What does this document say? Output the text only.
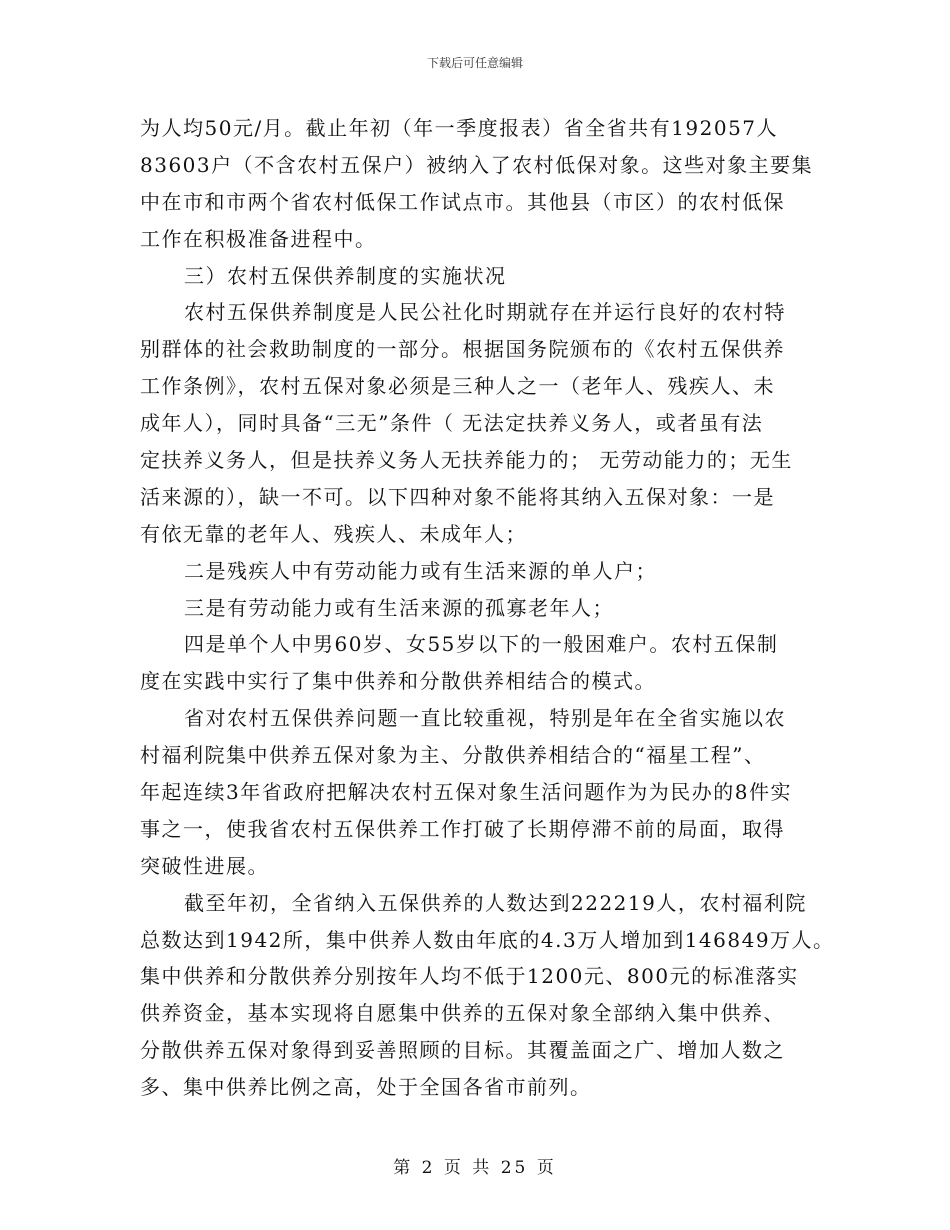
下载后可任意编辑
为人均50元/月。截止年初（年一季度报表）省全省共有192057人
83603户（不含农村五保户）被纳入了农村低保对象。这些对象主要集
中在市和市两个省农村低保工作试点市。其他县（市区）的农村低保
工作在积极准备进程中。
三）农村五保供养制度的实施状况
农村五保供养制度是人民公社化时期就存在并运行良好的农村特
别群体的社会救助制度的一部分。根据国务院颁布的《农村五保供养
工作条例》，农村五保对象必须是三种人之一（老年人、残疾人、未
成年人），同时具备“三无”条件（ 无法定扶养义务人，或者虽有法
定扶养义务人，但是扶养义务人无扶养能力的； 无劳动能力的；无生
活来源的），缺一不可。以下四种对象不能将其纳入五保对象：一是
有依无靠的老年人、残疾人、未成年人；
二是残疾人中有劳动能力或有生活来源的单人户；
三是有劳动能力或有生活来源的孤寡老年人；
四是单个人中男60岁、女55岁以下的一般困难户。农村五保制
度在实践中实行了集中供养和分散供养相结合的模式。
省对农村五保供养问题一直比较重视，特别是年在全省实施以农
村福利院集中供养五保对象为主、分散供养相结合的“福星工程”、
年起连续3年省政府把解决农村五保对象生活问题作为为民办的8件实
事之一，使我省农村五保供养工作打破了长期停滞不前的局面，取得
突破性进展。
截至年初，全省纳入五保供养的人数达到222219人，农村福利院
总数达到1942所，集中供养人数由年底的4.3万人增加到146849万人。
集中供养和分散供养分别按年人均不低于1200元、800元的标准落实
供养资金，基本实现将自愿集中供养的五保对象全部纳入集中供养、
分散供养五保对象得到妥善照顾的目标。其覆盖面之广、增加人数之
多、集中供养比例之高，处于全国各省市前列。
第 2 页 共 25 页
